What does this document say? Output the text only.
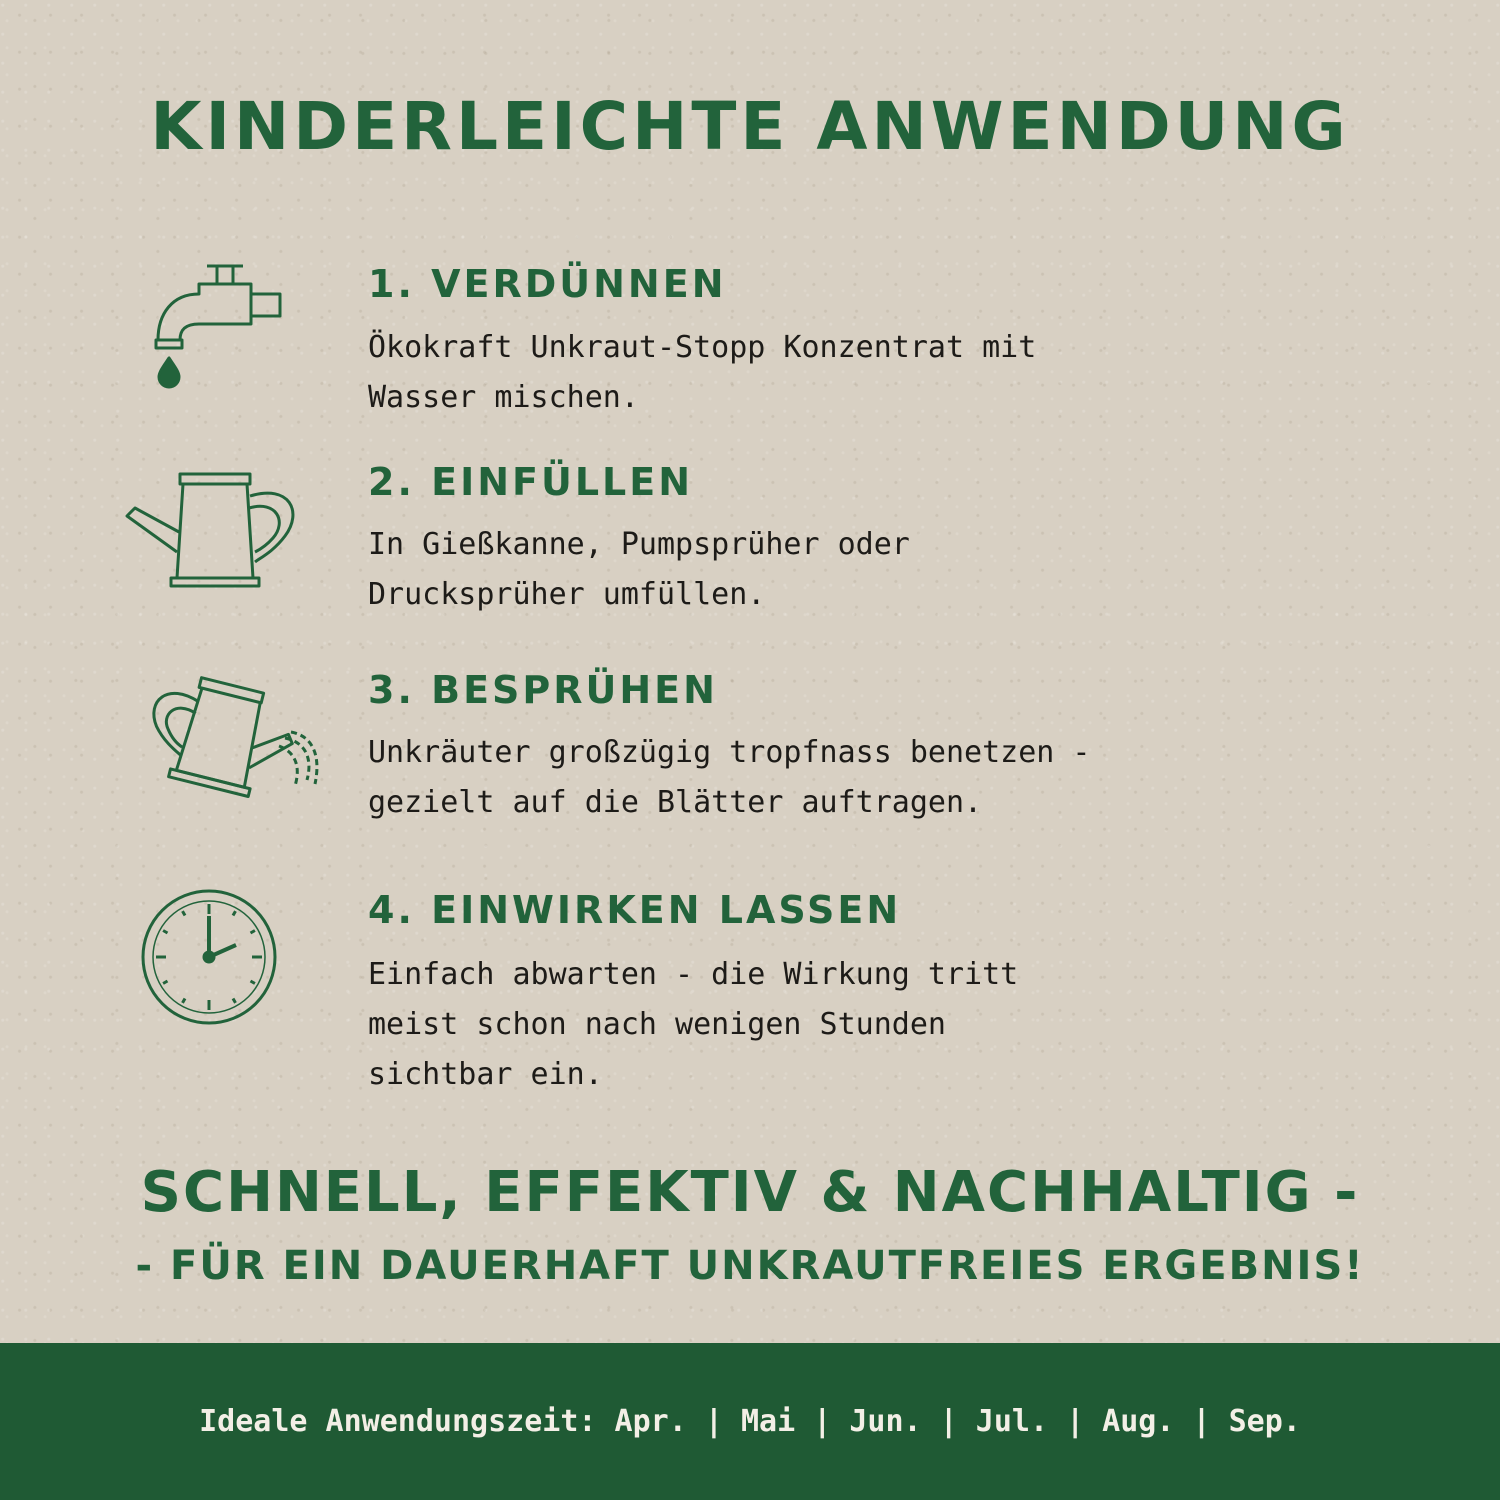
KINDERLEICHTE ANWENDUNG
1. VERDÜNNEN

Ökokraft Unkraut-Stopp Konzentrat mit
Wasser mischen.

2. EINFÜLLEN

In Gießkanne, Pumpsprüher oder
Drucksprüher umfüllen.

3. BESPRÜHEN

Unkräuter großzügig tropfnass benetzen -
gezielt auf die Blätter auftragen.

4. EINWIRKEN LASSEN

Einfach abwarten - die Wirkung tritt
meist schon nach wenigen Stunden
sichtbar ein.

SCHNELL, EFFEKTIV & NACHHALTIG -
- FÜR EIN DAUERHAFT UNKRAUTFREIES ERGEBNIS!
Ideale Anwendungszeit: Apr. | Mai | Jun. | Jul. | Aug. | Sep.
